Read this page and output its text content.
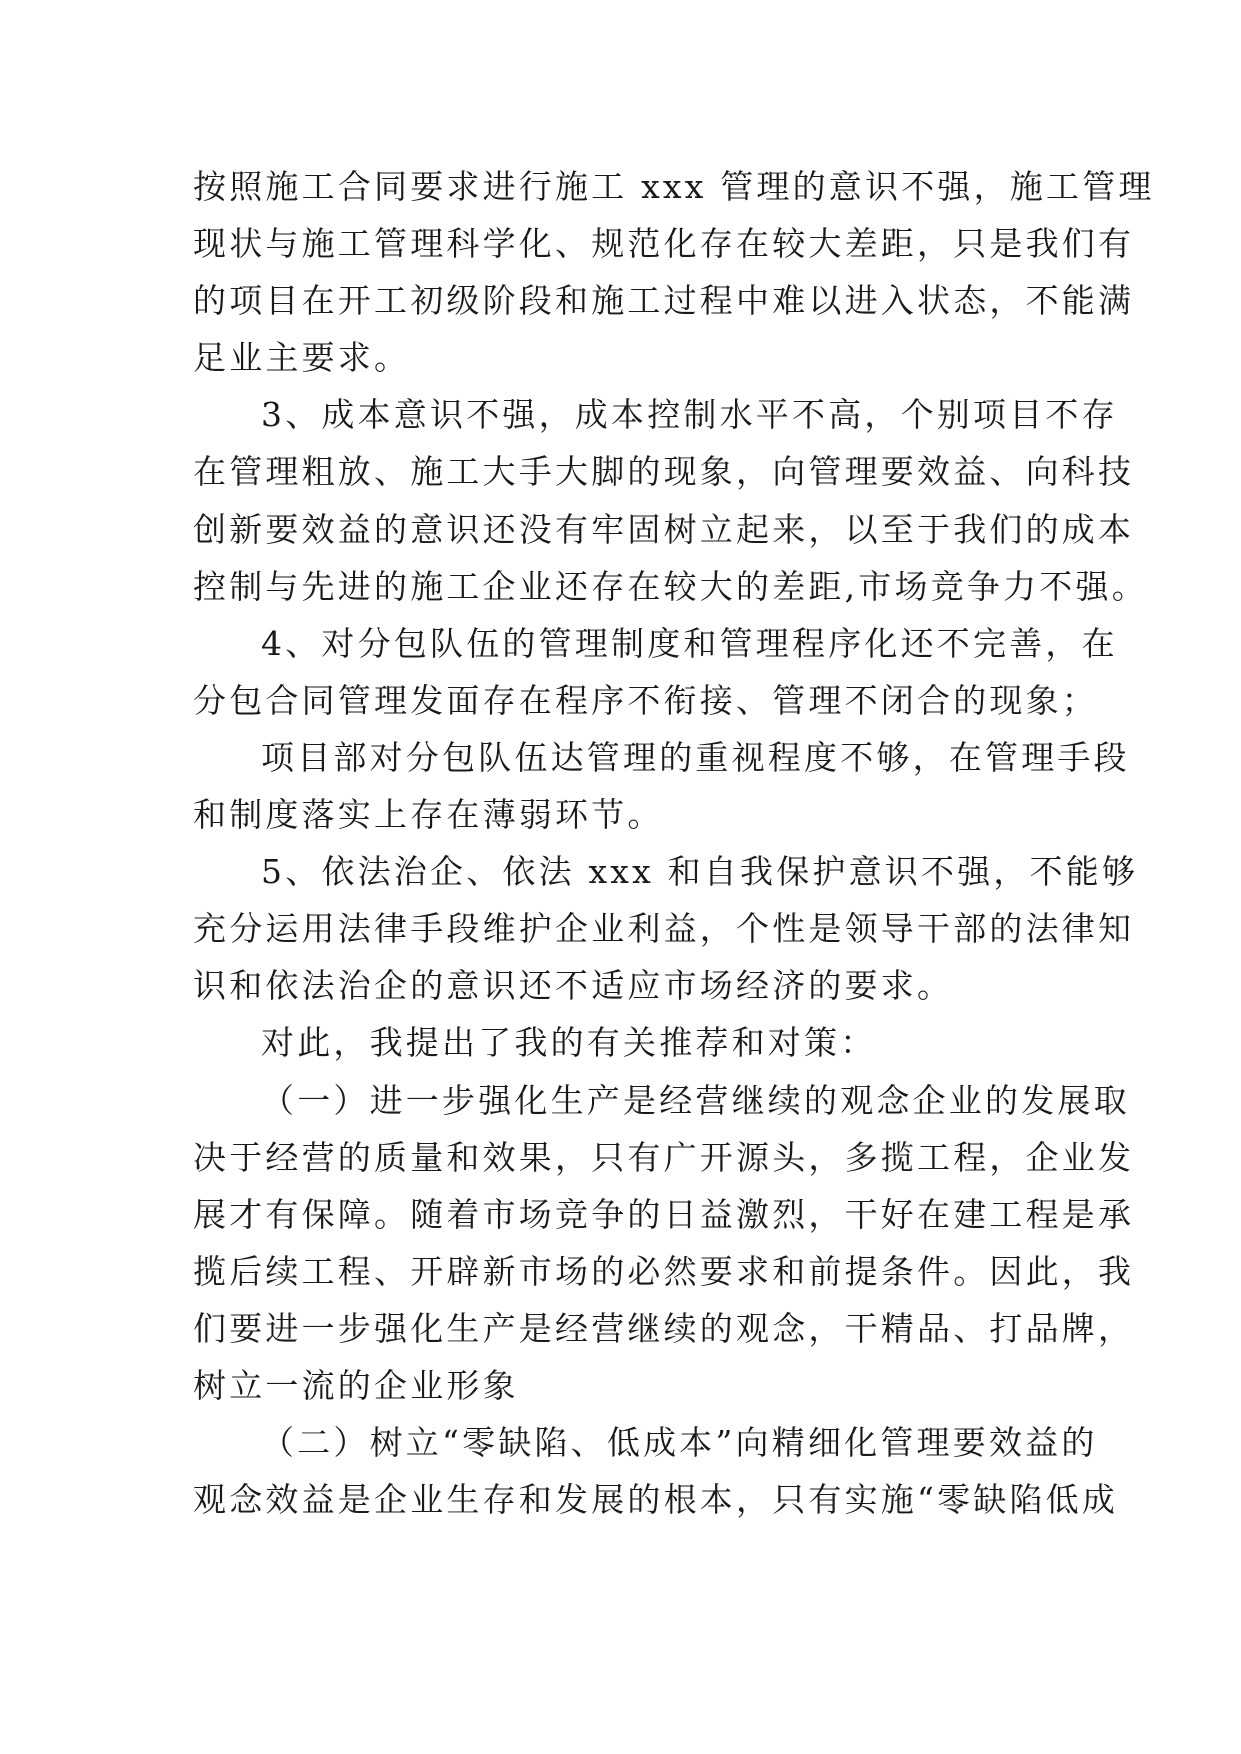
按照施工合同要求进行施工 xxx 管理的意识不强，施工管理
现状与施工管理科学化、规范化存在较大差距，只是我们有
的项目在开工初级阶段和施工过程中难以进入状态，不能满
足业主要求。
3、成本意识不强，成本控制水平不高，个别项目不存
在管理粗放、施工大手大脚的现象，向管理要效益、向科技
创新要效益的意识还没有牢固树立起来，以至于我们的成本
控制与先进的施工企业还存在较大的差距,市场竞争力不强。
4、对分包队伍的管理制度和管理程序化还不完善，在
分包合同管理发面存在程序不衔接、管理不闭合的现象；
项目部对分包队伍达管理的重视程度不够，在管理手段
和制度落实上存在薄弱环节。
5、依法治企、依法 xxx 和自我保护意识不强，不能够
充分运用法律手段维护企业利益，个性是领导干部的法律知
识和依法治企的意识还不适应市场经济的要求。
对此，我提出了我的有关推荐和对策：
（一）进一步强化生产是经营继续的观念企业的发展取
决于经营的质量和效果，只有广开源头，多揽工程，企业发
展才有保障。随着市场竞争的日益激烈，干好在建工程是承
揽后续工程、开辟新市场的必然要求和前提条件。因此，我
们要进一步强化生产是经营继续的观念，干精品、打品牌，
树立一流的企业形象
（二）树立“零缺陷、低成本”向精细化管理要效益的
观念效益是企业生存和发展的根本，只有实施“零缺陷低成
